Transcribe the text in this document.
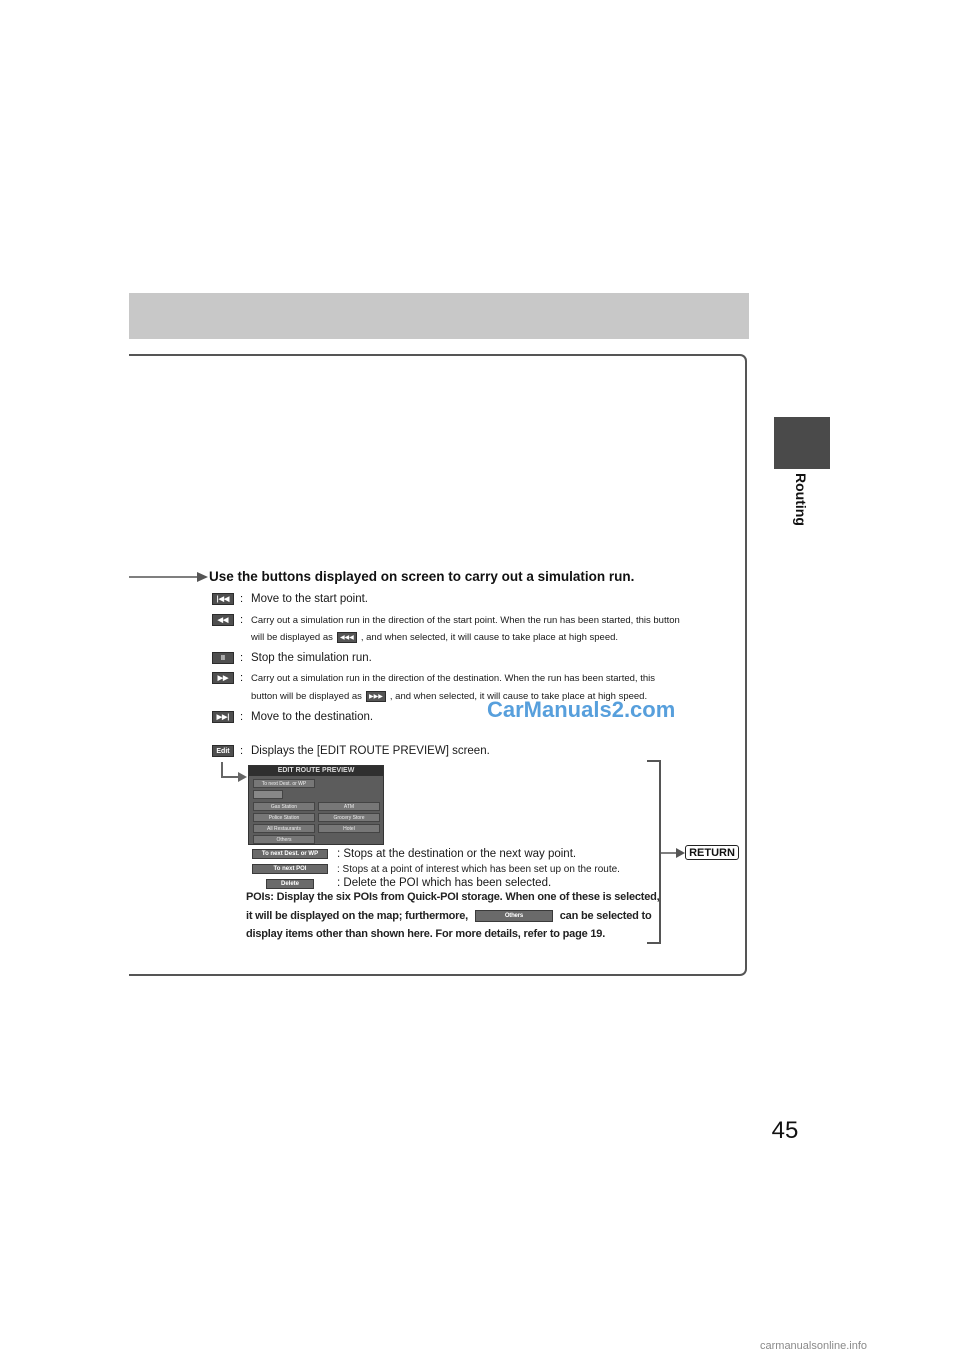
Routing
45
Use the buttons displayed on screen to carry out a simulation run.
|◀◀ : Move to the start point.
◀◀ : Carry out a simulation run in the direction of the start point. When the run has been started, this button
will be displayed as ◀◀◀ , and when selected, it will cause to take place at high speed.
II : Stop the simulation run.
▶▶ : Carry out a simulation run in the direction of the destination. When the run has been started, this
button will be displayed as ▶▶▶ , and when selected, it will cause to take place at high speed.
▶▶| : Move to the destination.	CarManuals2.com
Edit : Displays the [EDIT ROUTE PREVIEW] screen.
EDIT ROUTE PREVIEW
To next Dest. or WP
Gas Station	ATM
Police Station	Grocery Store
All Restaurants	Hotel
Others
To next Dest. or WP	: Stops at the destination or the next way point.
To next POI	: Stops at a point of interest which has been set up on the route.
Delete	: Delete the POI which has been selected.
POIs: Display the six POIs from Quick-POI storage. When one of these is selected,
it will be displayed on the map; furthermore,	Others	can be selected to
display items other than shown here. For more details, refer to page 19.
RETURN
carmanualsonline.info
